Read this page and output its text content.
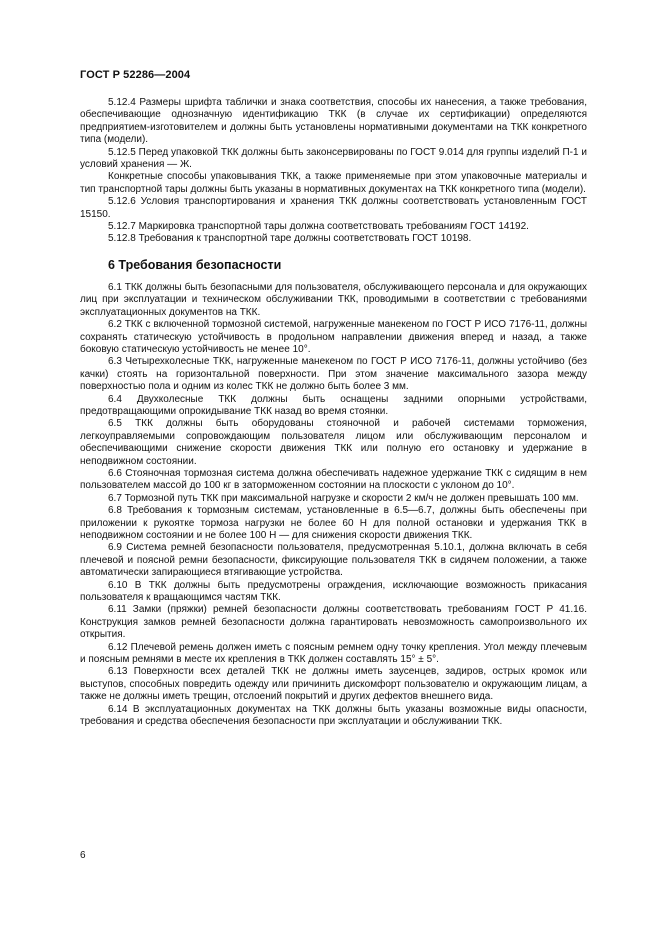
ГОСТ Р 52286—2004

5.12.4 Размеры шрифта таблички и знака соответствия, способы их нанесения, а также требования, обеспечивающие однозначную идентификацию ТКК (в случае их сертификации) определяются предприятием-изготовителем и должны быть установлены нормативными документами на ТКК конкретного типа (модели).

5.12.5 Перед упаковкой ТКК должны быть законсервированы по ГОСТ 9.014 для группы изделий П-1 и условий хранения — Ж.

Конкретные способы упаковывания ТКК, а также применяемые при этом упаковочные материалы и тип транспортной тары должны быть указаны в нормативных документах на ТКК конкретного типа (модели).

5.12.6 Условия транспортирования и хранения ТКК должны соответствовать установленным ГОСТ 15150.

5.12.7 Маркировка транспортной тары должна соответствовать требованиям ГОСТ 14192.

5.12.8 Требования к транспортной таре должны соответствовать ГОСТ 10198.

6 Требования безопасности

6.1 ТКК должны быть безопасными для пользователя, обслуживающего персонала и для окружающих лиц при эксплуатации и техническом обслуживании ТКК, проводимыми в соответствии с требованиями эксплуатационных документов на ТКК.

6.2 ТКК с включенной тормозной системой, нагруженные манекеном по ГОСТ Р ИСО 7176-11, должны сохранять статическую устойчивость в продольном направлении движения вперед и назад, а также боковую статическую устойчивость не менее 10°.

6.3 Четырехколесные ТКК, нагруженные манекеном по ГОСТ Р ИСО 7176-11, должны устойчиво (без качки) стоять на горизонтальной поверхности. При этом значение максимального зазора между поверхностью пола и одним из колес ТКК не должно быть более 3 мм.

6.4 Двухколесные ТКК должны быть оснащены задними опорными устройствами, предотвращающими опрокидывание ТКК назад во время стоянки.

6.5 ТКК должны быть оборудованы стояночной и рабочей системами торможения, легкоуправляемыми сопровождающим пользователя лицом или обслуживающим персоналом и обеспечивающими снижение скорости движения ТКК или полную его остановку и удержание в неподвижном состоянии.

6.6 Стояночная тормозная система должна обеспечивать надежное удержание ТКК с сидящим в нем пользователем массой до 100 кг в заторможенном состоянии на плоскости с уклоном до 10°.

6.7 Тормозной путь ТКК при максимальной нагрузке и скорости 2 км/ч не должен превышать 100 мм.

6.8 Требования к тормозным системам, установленные в 6.5—6.7, должны быть обеспечены при приложении к рукоятке тормоза нагрузки не более 60 Н для полной остановки и удержания ТКК в неподвижном состоянии и не более 100 Н — для снижения скорости движения ТКК.

6.9 Система ремней безопасности пользователя, предусмотренная 5.10.1, должна включать в себя плечевой и поясной ремни безопасности, фиксирующие пользователя ТКК в сидячем положении, а также автоматически запирающиеся втягивающие устройства.

6.10 В ТКК должны быть предусмотрены ограждения, исключающие возможность прикасания пользователя к вращающимся частям ТКК.

6.11 Замки (пряжки) ремней безопасности должны соответствовать требованиям ГОСТ Р 41.16. Конструкция замков ремней безопасности должна гарантировать невозможность самопроизвольного их открытия.

6.12 Плечевой ремень должен иметь с поясным ремнем одну точку крепления. Угол между плечевым и поясным ремнями в месте их крепления в ТКК должен составлять 15° ± 5°.

6.13 Поверхности всех деталей ТКК не должны иметь заусенцев, задиров, острых кромок или выступов, способных повредить одежду или причинить дискомфорт пользователю и окружающим лицам, а также не должны иметь трещин, отслоений покрытий и других дефектов внешнего вида.

6.14 В эксплуатационных документах на ТКК должны быть указаны возможные виды опасности, требования и средства обеспечения безопасности при эксплуатации и обслуживании ТКК.

6
